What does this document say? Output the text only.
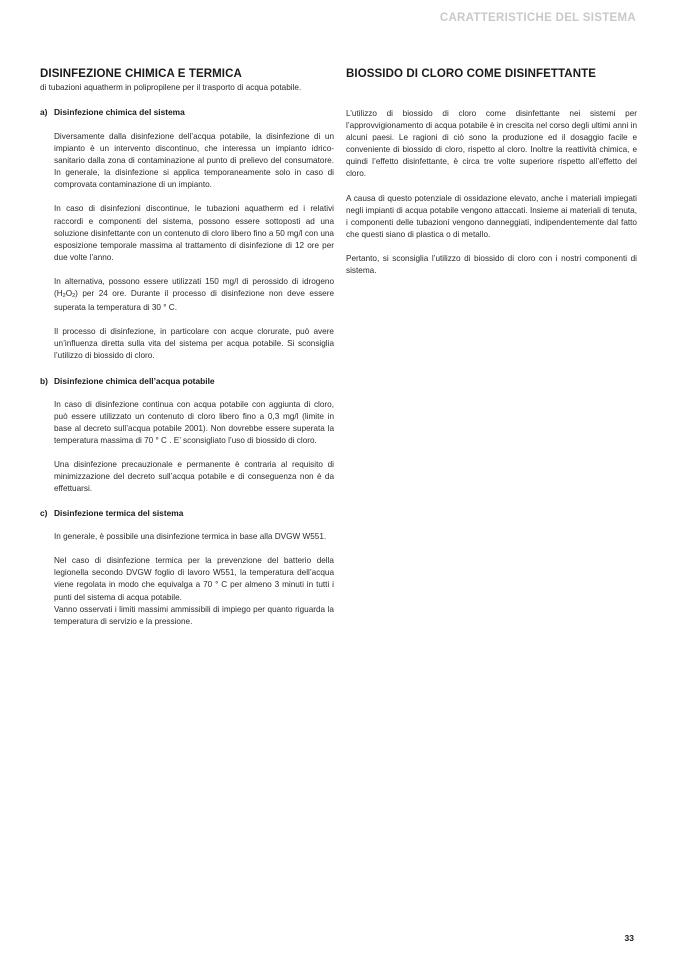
CARATTERISTICHE DEL SISTEMA
DISINFEZIONE CHIMICA E TERMICA
di tubazioni aquatherm in polipropilene per il trasporto di acqua potabile.
a) Disinfezione chimica del sistema

Diversamente dalla disinfezione dell’acqua potabile, la disinfezione di un impianto è un intervento discontinuo, che interessa un impianto idrico-sanitario dalla zona di contaminazione al punto di prelievo del consumatore. In generale, la disinfezione si applica temporaneamente solo in caso di comprovata contaminazione di un impianto.

In caso di disinfezioni discontinue, le tubazioni aquatherm ed i relativi raccordi e componenti del sistema, possono essere sottoposti ad una soluzione disinfettante con un contenuto di cloro libero fino a 50 mg/l con una esposizione temporale massima al trattamento di disinfezione di 12 ore per due volte l’anno.

In alternativa, possono essere utilizzati 150 mg/l di perossido di idrogeno $(H_2O_2)$ per 24 ore. Durante il processo di disinfezione non deve essere superata la temperatura di 30 ° C.

Il processo di disinfezione, in particolare con acque clorurate, può avere un’influenza diretta sulla vita del sistema per acqua potabile. Si sconsiglia l’utilizzo di biossido di cloro.

b) Disinfezione chimica dell’acqua potabile

In caso di disinfezione continua con acqua potabile con aggiunta di cloro, può essere utilizzato un contenuto di cloro libero fino a 0,3 mg/l (limite in base al decreto sull’acqua potabile 2001). Non dovrebbe essere superata la temperatura massima di 70 ° C . E’ sconsigliato l’uso di biossido di cloro.

Una disinfezione precauzionale e permanente è contraria al requisito di minimizzazione del decreto sull’acqua potabile e di conseguenza non è da effettuarsi.

c) Disinfezione termica del sistema

In generale, è possibile una disinfezione termica in base alla DVGW W551.

Nel caso di disinfezione termica per la prevenzione del batterio della legionella secondo DVGW foglio di lavoro W551, la temperatura dell’acqua viene regolata in modo che equivalga a 70 ° C per almeno 3 minuti in tutti i punti del sistema di acqua potabile.

Vanno osservati i limiti massimi ammissibili di impiego per quanto riguarda la temperatura di servizio e la pressione.

BIOSSIDO DI CLORO COME DISINFETTANTE

L’utilizzo di biossido di cloro come disinfettante nei sistemi per l’approvvigionamento di acqua potabile è in crescita nel corso degli ultimi anni in alcuni paesi. Le ragioni di ciò sono la produzione ed il dosaggio facile e conveniente di biossido di cloro, rispetto al cloro. Inoltre la reattività chimica, e quindi l’effetto disinfettante, è circa tre volte superiore rispetto all’effetto del cloro.

A causa di questo potenziale di ossidazione elevato, anche i materiali impiegati negli impianti di acqua potabile vengono attaccati. Insieme ai materiali di tenuta, i componenti delle tubazioni vengono danneggiati, indipendentemente dal fatto che questi siano di plastica o di metallo.

Pertanto, si sconsiglia l’utilizzo di biossido di cloro con i nostri componenti di sistema.

33
